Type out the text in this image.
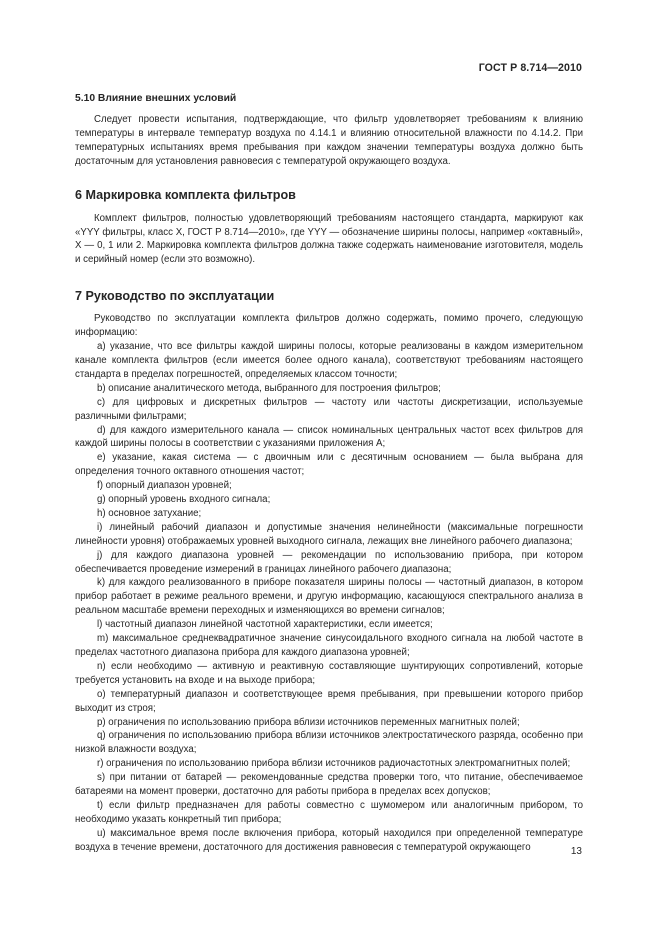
ГОСТ Р 8.714—2010
5.10 Влияние внешних условий

Следует провести испытания, подтверждающие, что фильтр удовлетворяет требованиям к влиянию температуры в интервале температур воздуха по 4.14.1 и влиянию относительной влажности по 4.14.2. При температурных испытаниях время пребывания при каждом значении температуры воздуха должно быть достаточным для установления равновесия с температурой окружающего воздуха.

6 Маркировка комплекта фильтров

Комплект фильтров, полностью удовлетворяющий требованиям настоящего стандарта, маркируют как «YYY фильтры, класс X, ГОСТ Р 8.714—2010», где YYY — обозначение ширины полосы, например «октавный», X — 0, 1 или 2. Маркировка комплекта фильтров должна также содержать наименование изготовителя, модель и серийный номер (если это возможно).

7 Руководство по эксплуатации

Руководство по эксплуатации комплекта фильтров должно содержать, помимо прочего, следующую информацию:

a) указание, что все фильтры каждой ширины полосы, которые реализованы в каждом измерительном канале комплекта фильтров (если имеется более одного канала), соответствуют требованиям настоящего стандарта в пределах погрешностей, определяемых классом точности;

b) описание аналитического метода, выбранного для построения фильтров;

c) для цифровых и дискретных фильтров — частоту или частоты дискретизации, используемые различными фильтрами;

d) для каждого измерительного канала — список номинальных центральных частот всех фильтров для каждой ширины полосы в соответствии с указаниями приложения А;

e) указание, какая система — с двоичным или с десятичным основанием — была выбрана для определения точного октавного отношения частот;

f) опорный диапазон уровней;

g) опорный уровень входного сигнала;

h) основное затухание;

i) линейный рабочий диапазон и допустимые значения нелинейности (максимальные погрешности линейности уровня) отображаемых уровней выходного сигнала, лежащих вне линейного рабочего диапазона;

j) для каждого диапазона уровней — рекомендации по использованию прибора, при котором обеспечивается проведение измерений в границах линейного рабочего диапазона;

k) для каждого реализованного в приборе показателя ширины полосы — частотный диапазон, в котором прибор работает в режиме реального времени, и другую информацию, касающуюся спектрального анализа в реальном масштабе времени переходных и изменяющихся во времени сигналов;

l) частотный диапазон линейной частотной характеристики, если имеется;

m) максимальное среднеквадратичное значение синусоидального входного сигнала на любой частоте в пределах частотного диапазона прибора для каждого диапазона уровней;

n) если необходимо — активную и реактивную составляющие шунтирующих сопротивлений, которые требуется установить на входе и на выходе прибора;

o) температурный диапазон и соответствующее время пребывания, при превышении которого прибор выходит из строя;

p) ограничения по использованию прибора вблизи источников переменных магнитных полей;

q) ограничения по использованию прибора вблизи источников электростатического разряда, особенно при низкой влажности воздуха;

r) ограничения по использованию прибора вблизи источников радиочастотных электромагнитных полей;

s) при питании от батарей — рекомендованные средства проверки того, что питание, обеспечиваемое батареями на момент проверки, достаточно для работы прибора в пределах всех допусков;

t) если фильтр предназначен для работы совместно с шумомером или аналогичным прибором, то необходимо указать конкретный тип прибора;

u) максимальное время после включения прибора, который находился при определенной температуре воздуха в течение времени, достаточного для достижения равновесия с температурой окружающего	13
